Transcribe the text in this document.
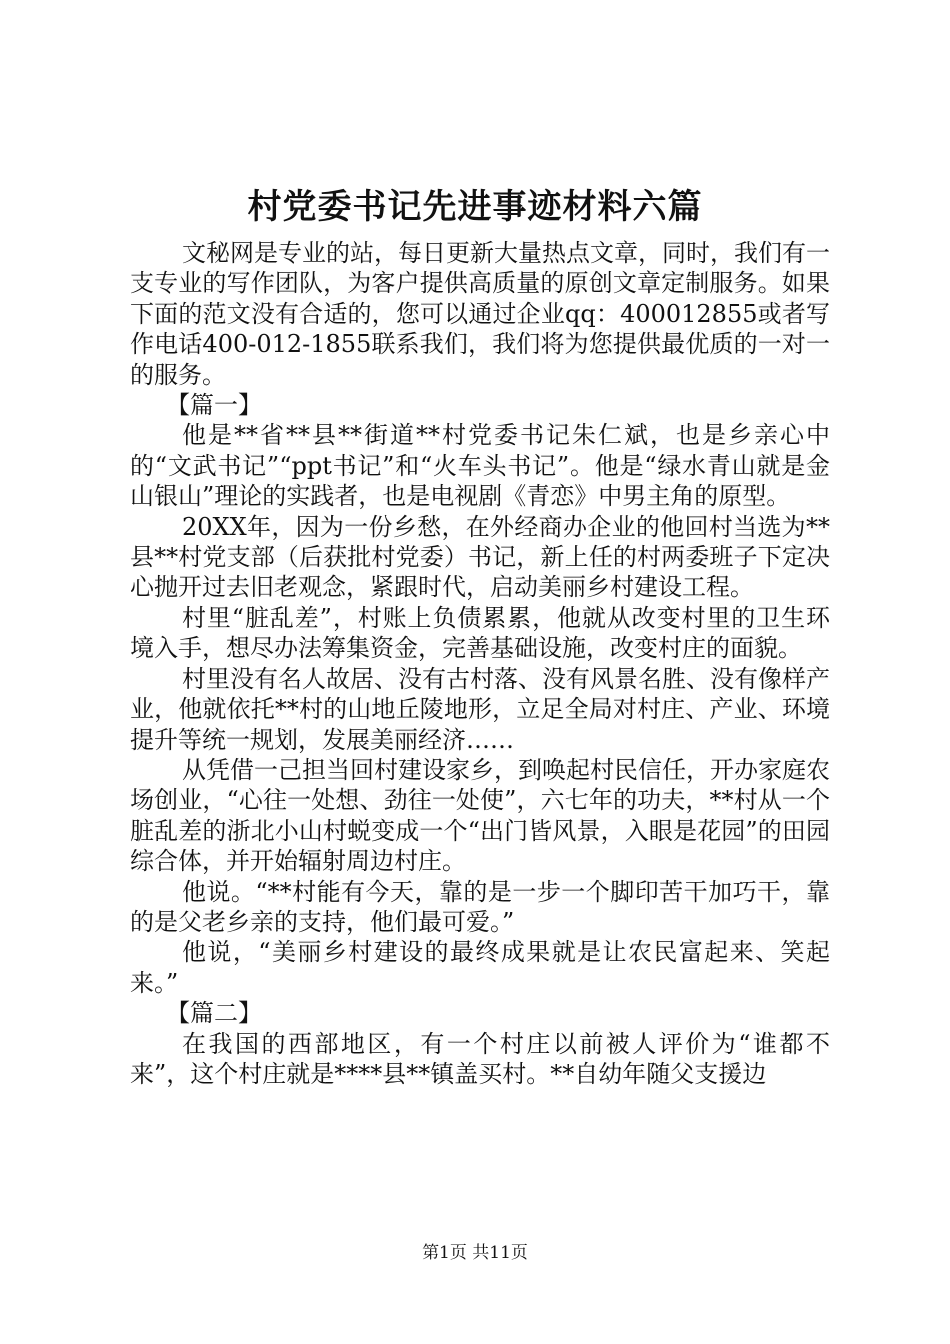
村党委书记先进事迹材料六篇

文秘网是专业的站，每日更新大量热点文章，同时，我们有一支专业的写作团队，为客户提供高质量的原创文章定制服务。如果下面的范文没有合适的，您可以通过企业qq：400012855或者写作电话400-012-1855联系我们，我们将为您提供最优质的一对一的服务。

【篇一】

他是**省**县**街道**村党委书记朱仁斌，也是乡亲心中的“文武书记”“ppt书记”和“火车头书记”。他是“绿水青山就是金山银山”理论的实践者，也是电视剧《青恋》中男主角的原型。

20XX年，因为一份乡愁，在外经商办企业的他回村当选为**县**村党支部（后获批村党委）书记，新上任的村两委班子下定决心抛开过去旧老观念，紧跟时代，启动美丽乡村建设工程。

村里“脏乱差”，村账上负债累累，他就从改变村里的卫生环境入手，想尽办法筹集资金，完善基础设施，改变村庄的面貌。

村里没有名人故居、没有古村落、没有风景名胜、没有像样产业，他就依托**村的山地丘陵地形，立足全局对村庄、产业、环境提升等统一规划，发展美丽经济……

从凭借一己担当回村建设家乡，到唤起村民信任，开办家庭农场创业，“心往一处想、劲往一处使”，六七年的功夫，**村从一个脏乱差的浙北小山村蜕变成一个“出门皆风景，入眼是花园”的田园综合体，并开始辐射周边村庄。

他说。“**村能有今天，靠的是一步一个脚印苦干加巧干，靠的是父老乡亲的支持，他们最可爱。”

他说，“美丽乡村建设的最终成果就是让农民富起来、笑起来。”

【篇二】

在我国的西部地区，有一个村庄以前被人评价为“谁都不来”，这个村庄就是****县**镇盖买村。**自幼年随父支援边

第1页 共11页
